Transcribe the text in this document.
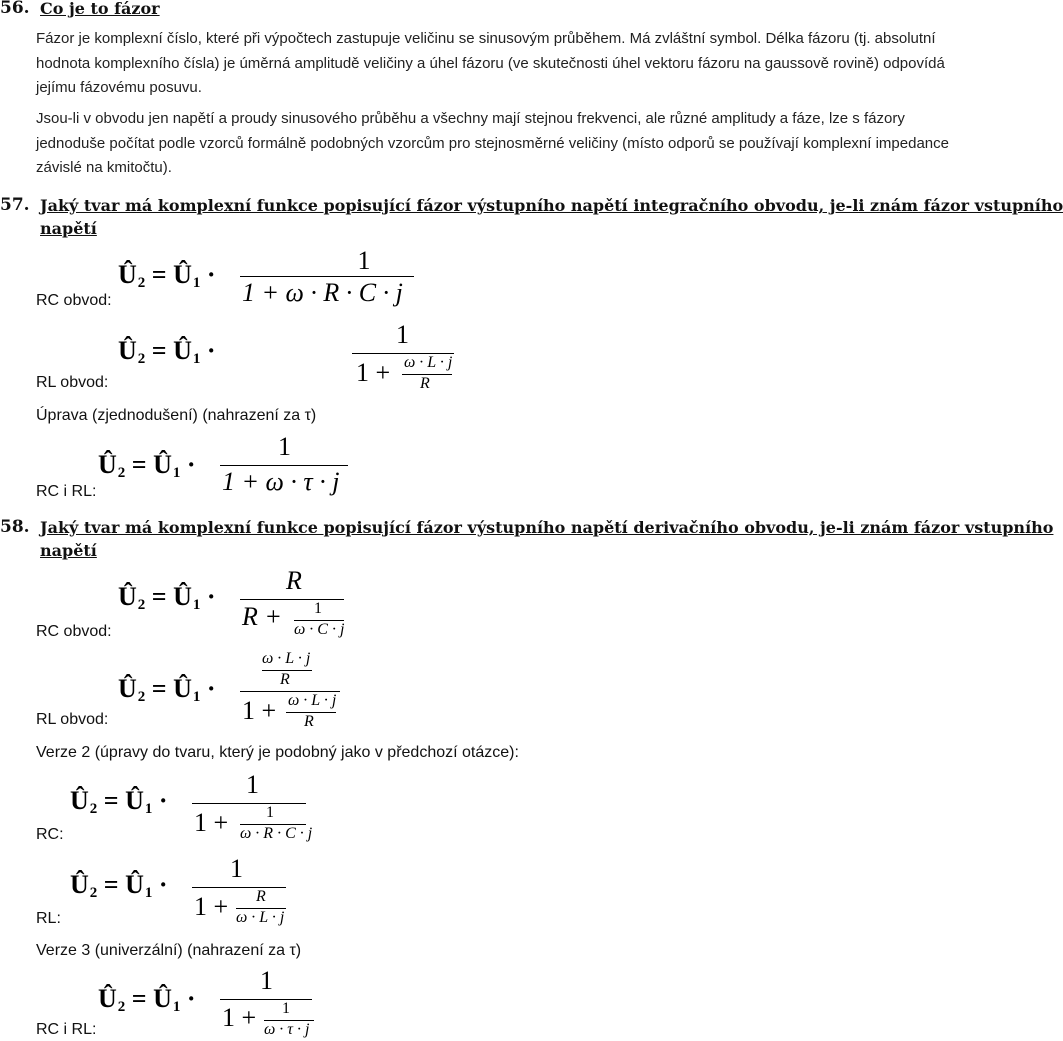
56. Co je to fázor
Fázor je komplexní číslo, které při výpočtech zastupuje veličinu se sinusovým průběhem. Má zvláštní symbol. Délka fázoru (tj. absolutní hodnota komplexního čísla) je úměrná amplitudě veličiny a úhel fázoru (ve skutečnosti úhel vektoru fázoru na gaussově rovině) odpovídá jejímu fázovému posuvu.
Jsou-li v obvodu jen napětí a proudy sinusového průběhu a všechny mají stejnou frekvenci, ale různé amplitudy a fáze, lze s fázory jednoduše počítat podle vzorců formálně podobných vzorcům pro stejnosměrné veličiny (místo odporů se používají komplexní impedance závislé na kmitočtu).
57. Jaký tvar má komplexní funkce popisující fázor výstupního napětí integračního obvodu, je-li znám fázor vstupního
napětí
$Û_2$ = $Û_1$ ·	1
1 + ω · R · C · j
RC obvod:
$Û_2$ = $Û_1$ ·
1
1 + ω · L · j
R
RL obvod:
Úprava (zjednodušení) (nahrazení za τ)
$Û_2$ = $Û_1$ ·
1
1 + ω · τ · j
RC i RL:
58. Jaký tvar má komplexní funkce popisující fázor výstupního napětí derivačního obvodu, je-li znám fázor vstupního
napětí
$Û_2$ = $Û_1$ ·
R
R + 1
ω · C · j
RC obvod:
$Û_2$ = $Û_1$ ·
ω · L · j
R
1 + ω · L · j
R
RL obvod:
Verze 2 (úpravy do tvaru, který je podobný jako v předchozí otázce):
$Û_2$ = $Û_1$ ·
1
1 + 1
ω · R · C · j
RC:
$Û_2$ = $Û_1$ ·
1
1 + R
ω · L · j
RL:
Verze 3 (univerzální) (nahrazení za τ)
$Û_2$ = $Û_1$ ·
1
1 + 1
ω · τ · j
RC i RL:
